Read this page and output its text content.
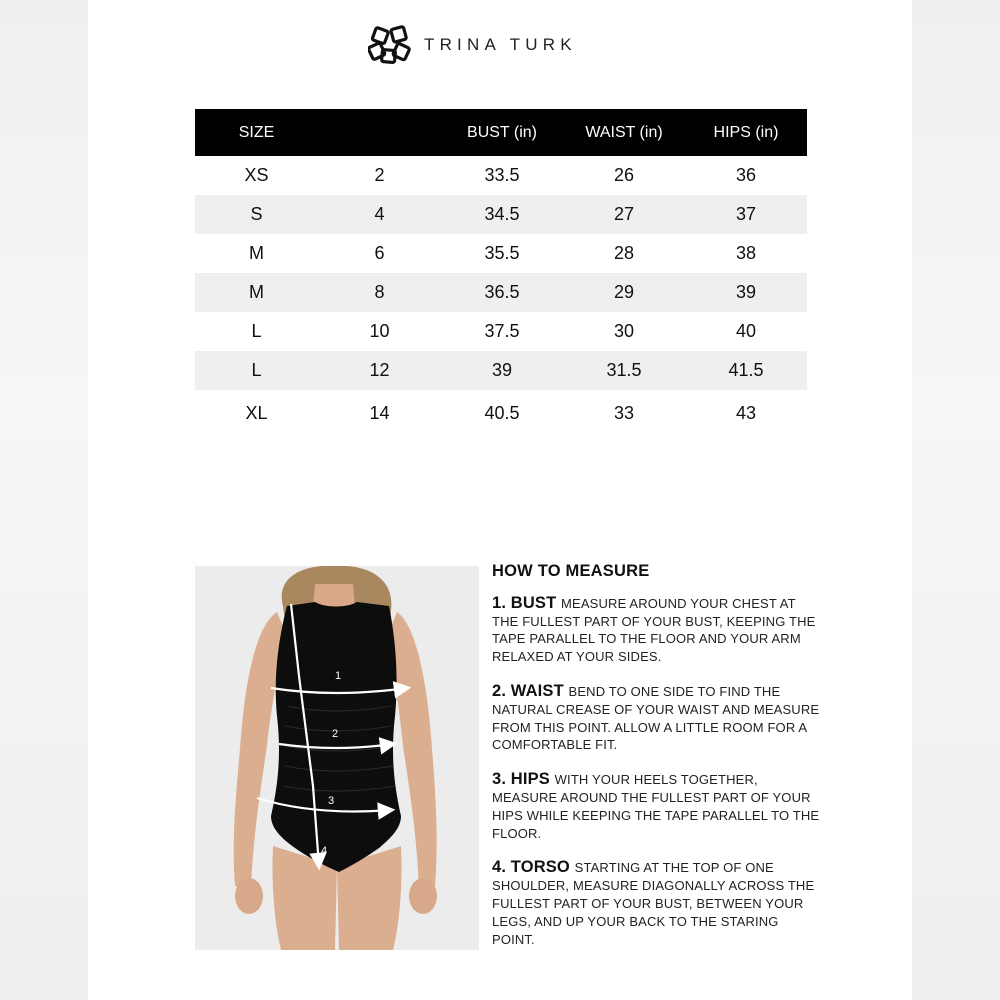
TRINA TURK
SIZE		BUST (in)	WAIST (in)	HIPS (in)
XS	2	33.5	26	36
S	4	34.5	27	37
M	6	35.5	28	38
M	8	36.5	29	39
L	10	37.5	30	40
L	12	39	31.5	41.5
XL	14	40.5	33	43
1
2
3
4
HOW TO MEASURE

1. BUST MEASURE AROUND YOUR CHEST AT THE FULLEST PART OF YOUR BUST, KEEPING THE TAPE PARALLEL TO THE FLOOR AND YOUR ARM RELAXED AT YOUR SIDES.

2. WAIST BEND TO ONE SIDE TO FIND THE NATURAL CREASE OF YOUR WAIST AND MEASURE FROM THIS POINT. ALLOW A LITTLE ROOM FOR A COMFORTABLE FIT.

3. HIPS WITH YOUR HEELS TOGETHER, MEASURE AROUND THE FULLEST PART OF YOUR HIPS WHILE KEEPING THE TAPE PARALLEL TO THE FLOOR.

4. TORSO STARTING AT THE TOP OF ONE SHOULDER, MEASURE DIAGONALLY ACROSS THE FULLEST PART OF YOUR BUST, BETWEEN YOUR LEGS, AND UP YOUR BACK TO THE STARING POINT.
